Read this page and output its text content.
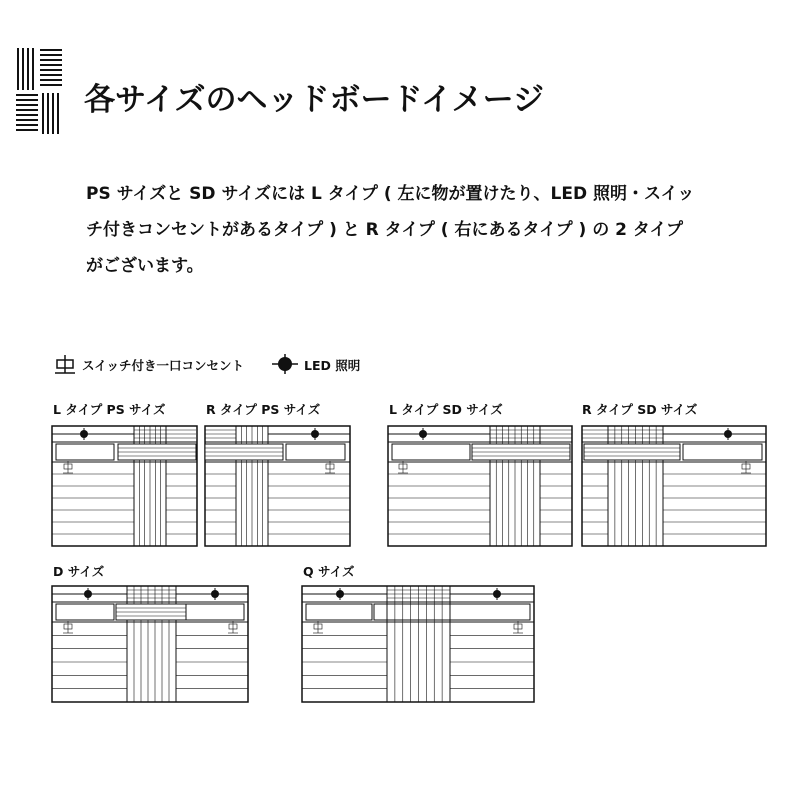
各サイズのヘッドボードイメージ
PS サイズと SD サイズには L タイプ ( 左に物が置けたり、LED 照明・スイッ
チ付きコンセントがあるタイプ ) と R タイプ ( 右にあるタイプ ) の 2 タイプ
がございます。
スイッチ付き一口コンセント	LED 照明
L タイプ PS サイズ	R タイプ PS サイズ	L タイプ SD サイズ	R タイプ SD サイズ
D サイズ	Q サイズ
